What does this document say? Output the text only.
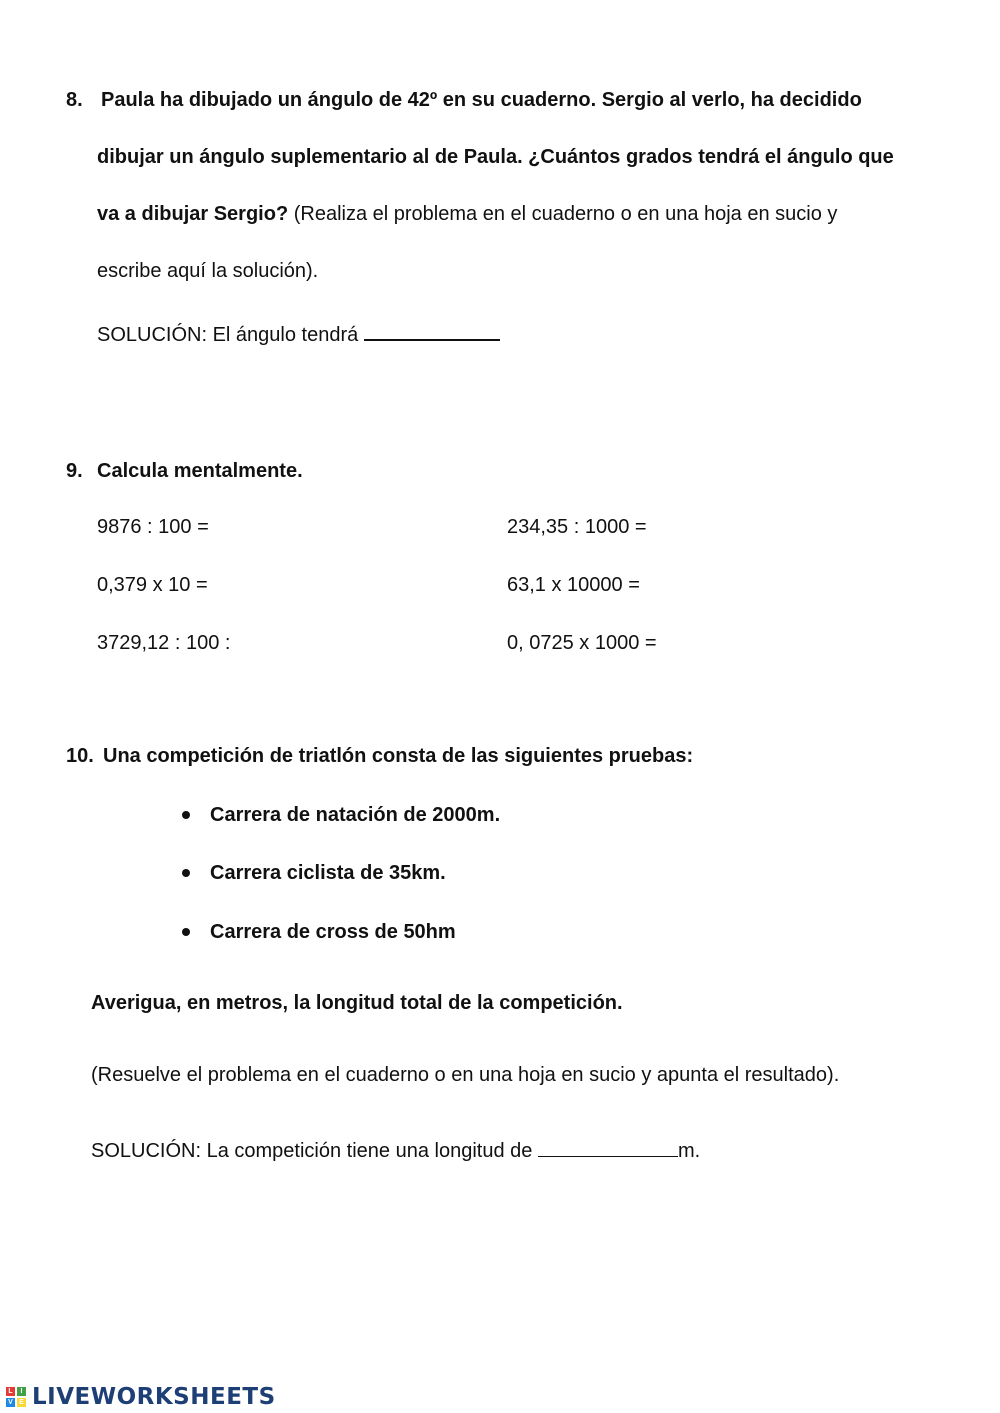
8. Paula ha dibujado un ángulo de 42º en su cuaderno. Sergio al verlo, ha decidido
dibujar un ángulo suplementario al de Paula. ¿Cuántos grados tendrá el ángulo que
va a dibujar Sergio? (Realiza el problema en el cuaderno o en una hoja en sucio y
escribe aquí la solución).
SOLUCIÓN: El ángulo tendrá
9. Calcula mentalmente.
9876 : 100 =
0,379 x 10 =
3729,12 : 100 :
234,35 : 1000 =
63,1 x 10000 =
0, 0725 x 1000 =
10. Una competición de triatlón consta de las siguientes pruebas:
Carrera de natación de 2000m.
Carrera ciclista de 35km.
Carrera de cross de 50hm
Averigua, en metros, la longitud total de la competición.
(Resuelve el problema en el cuaderno o en una hoja en sucio y apunta el resultado).
SOLUCIÓN: La competición tiene una longitud de	m.
L	I
V E LIVEWORKSHEETS
